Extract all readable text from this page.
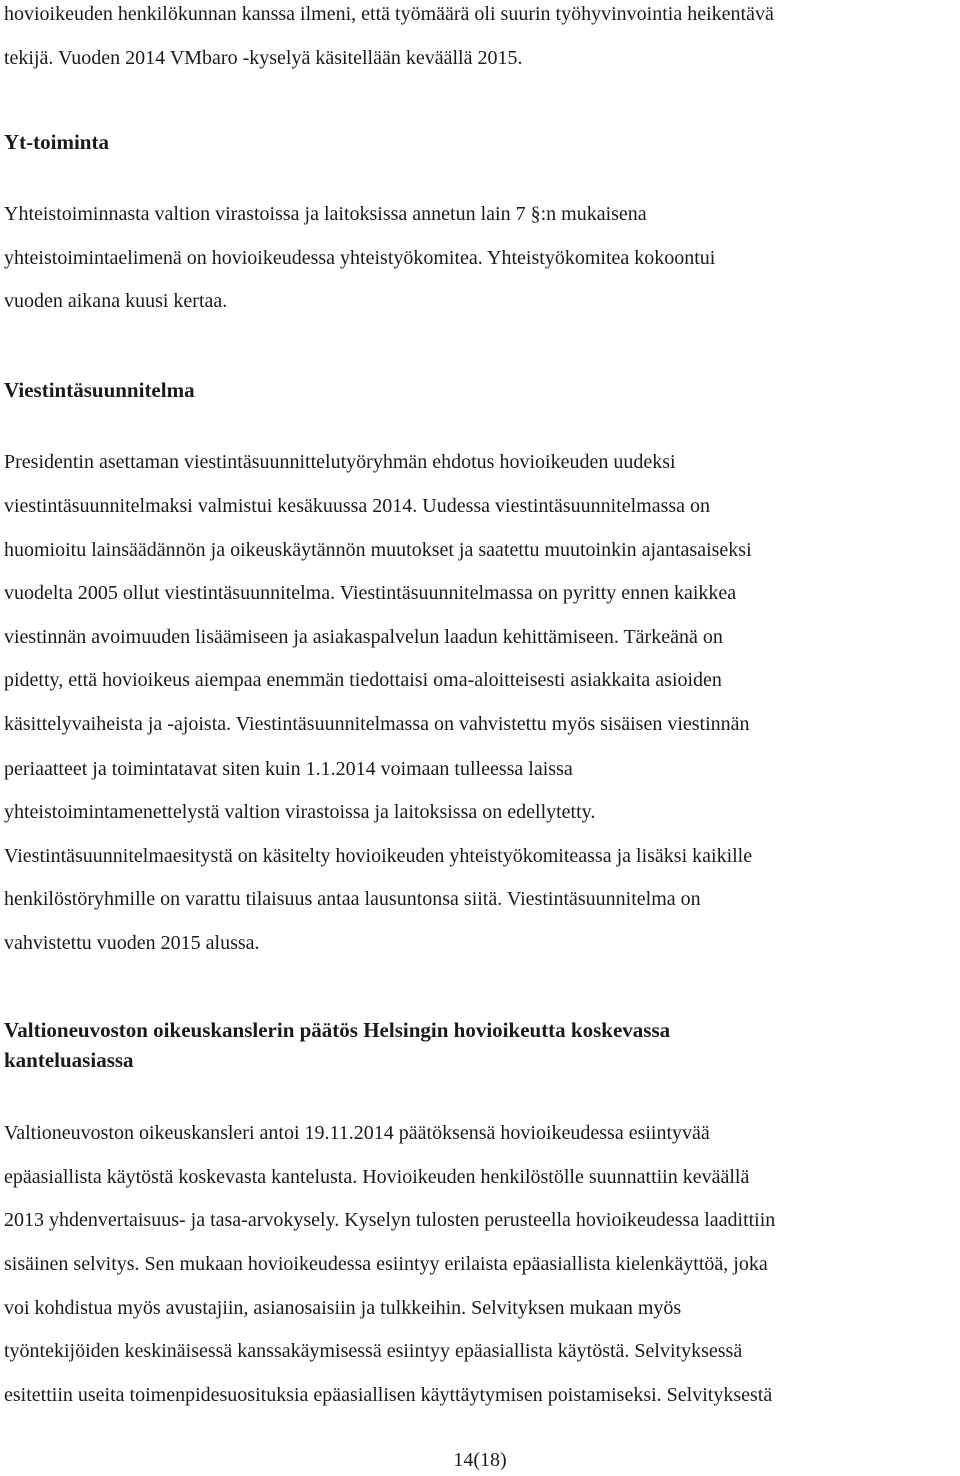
hovioikeuden henkilökunnan kanssa ilmeni, että työmäärä oli suurin työhyvinvointia heikentävä
tekijä. Vuoden 2014 VMbaro -kyselyä käsitellään keväällä 2015.
Yt-toiminta
Yhteistoiminnasta valtion virastoissa ja laitoksissa annetun lain 7 §:n mukaisena
yhteistoimintaelimenä on hovioikeudessa yhteistyökomitea. Yhteistyökomitea kokoontui
vuoden aikana kuusi kertaa.
Viestintäsuunnitelma
Presidentin asettaman viestintäsuunnittelutyöryhmän ehdotus hovioikeuden uudeksi
viestintäsuunnitelmaksi valmistui kesäkuussa 2014. Uudessa viestintäsuunnitelmassa on
huomioitu lainsäädännön ja oikeuskäytännön muutokset ja saatettu muutoinkin ajantasaiseksi
vuodelta 2005 ollut viestintäsuunnitelma. Viestintäsuunnitelmassa on pyritty ennen kaikkea
viestinnän avoimuuden lisäämiseen ja asiakaspalvelun laadun kehittämiseen. Tärkeänä on
pidetty, että hovioikeus aiempaa enemmän tiedottaisi oma-aloitteisesti asiakkaita asioiden
käsittelyvaiheista ja -ajoista. Viestintäsuunnitelmassa on vahvistettu myös sisäisen viestinnän
periaatteet ja toimintatavat siten kuin 1.1.2014 voimaan tulleessa laissa
yhteistoimintamenettelystä valtion virastoissa ja laitoksissa on edellytetty.
Viestintäsuunnitelmaesitystä on käsitelty hovioikeuden yhteistyökomiteassa ja lisäksi kaikille
henkilöstöryhmille on varattu tilaisuus antaa lausuntonsa siitä. Viestintäsuunnitelma on
vahvistettu vuoden 2015 alussa.
Valtioneuvoston oikeuskanslerin päätös Helsingin hovioikeutta koskevassa
kanteluasiassa
Valtioneuvoston oikeuskansleri antoi 19.11.2014 päätöksensä hovioikeudessa esiintyvää
epäasiallista käytöstä koskevasta kantelusta. Hovioikeuden henkilöstölle suunnattiin keväällä
2013 yhdenvertaisuus- ja tasa-arvokysely. Kyselyn tulosten perusteella hovioikeudessa laadittiin
sisäinen selvitys. Sen mukaan hovioikeudessa esiintyy erilaista epäasiallista kielenkäyttöä, joka
voi kohdistua myös avustajiin, asianosaisiin ja tulkkeihin. Selvityksen mukaan myös
työntekijöiden keskinäisessä kanssakäymisessä esiintyy epäasiallista käytöstä. Selvityksessä
esitettiin useita toimenpidesuosituksia epäasiallisen käyttäytymisen poistamiseksi. Selvityksestä
14(18)
